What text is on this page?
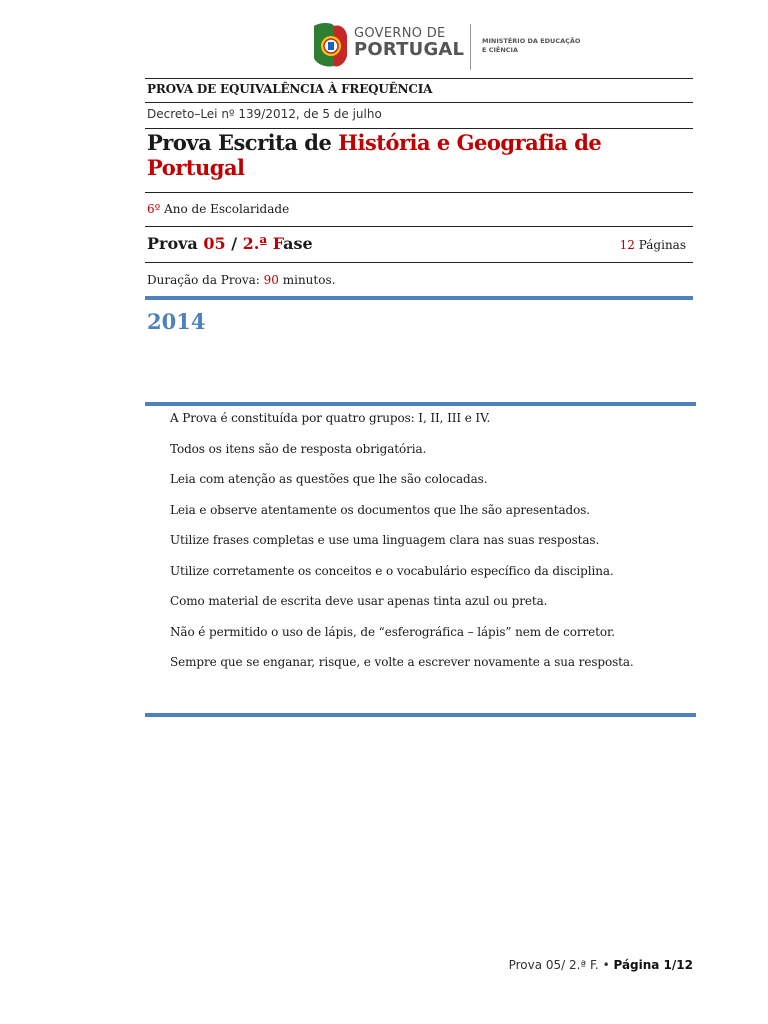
GOVERNO DE
PORTUGAL	MINISTÉRIO DA EDUCAÇÃO
E CIÊNCIA
PROVA DE EQUIVALÊNCIA À FREQUÊNCIA
Decreto–Lei nº 139/2012, de 5 de julho
Prova Escrita de História e Geografia de Portugal
6º Ano de Escolaridade
Prova 05 / 2.ª Fase	12 Páginas
Duração da Prova: 90 minutos.
2014
A Prova é constituída por quatro grupos: I, II, III e IV.
Todos os itens são de resposta obrigatória.
Leia com atenção as questões que lhe são colocadas.
Leia e observe atentamente os documentos que lhe são apresentados.
Utilize frases completas e use uma linguagem clara nas suas respostas.
Utilize corretamente os conceitos e o vocabulário específico da disciplina.
Como material de escrita deve usar apenas tinta azul ou preta.
Não é permitido o uso de lápis, de “esferográfica – lápis” nem de corretor.
Sempre que se enganar, risque, e volte a escrever novamente a sua resposta.
Prova 05/ 2.ª F. • Página 1/12
